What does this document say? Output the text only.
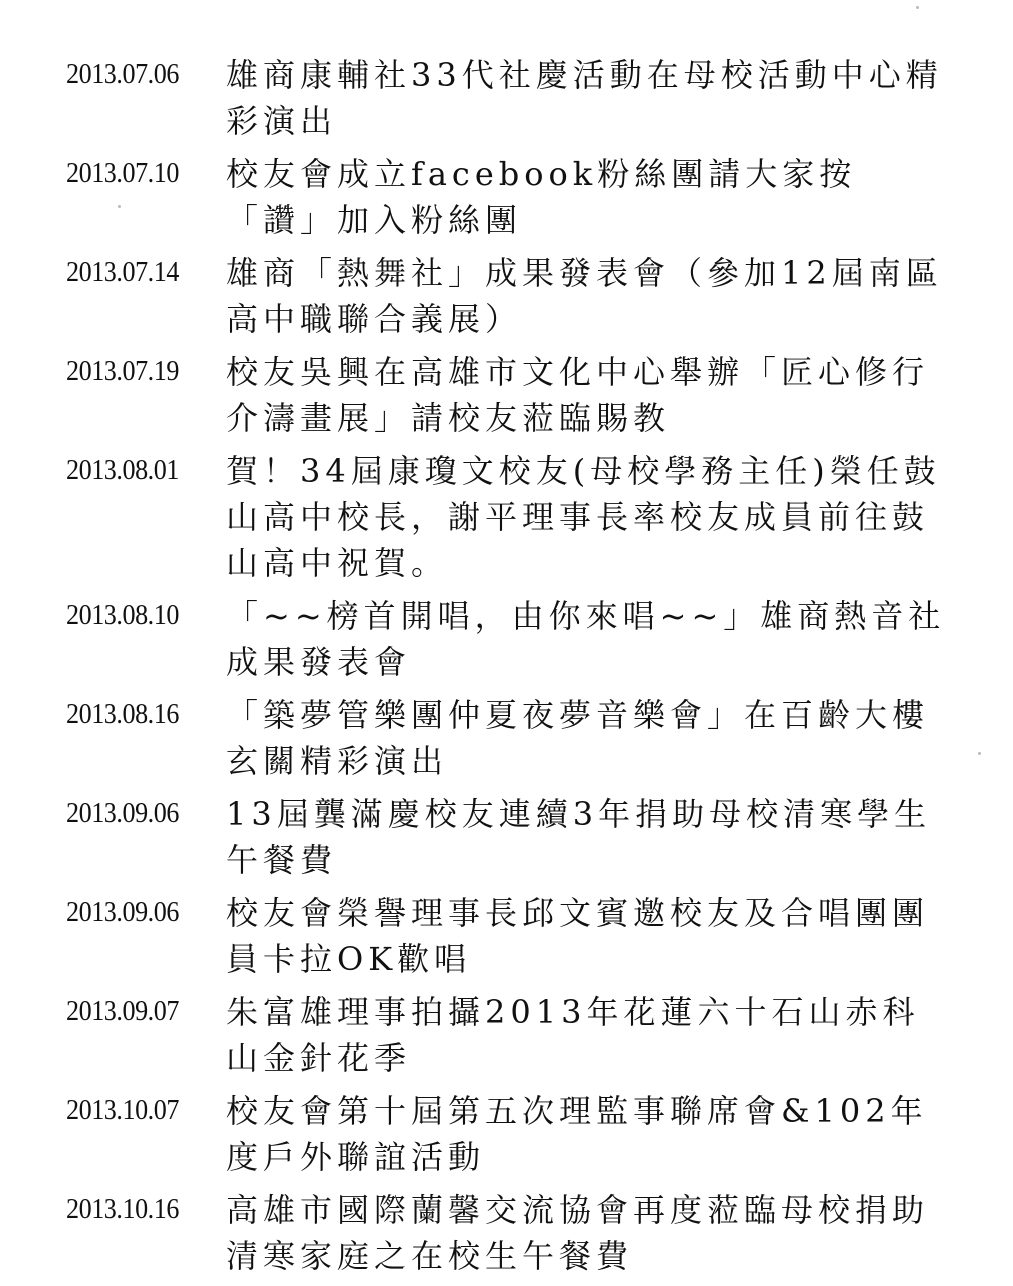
2013.07.06	雄商康輔社33代社慶活動在母校活動中心精彩演出
2013.07.10	校友會成立facebook粉絲團請大家按「讚」加入粉絲團
2013.07.14	雄商「熱舞社」成果發表會（參加12屆南區高中職聯合義展）
2013.07.19	校友吳興在高雄市文化中心舉辦「匠心修行介濤畫展」請校友蒞臨賜教
2013.08.01	賀！34屆康瓊文校友(母校學務主任)榮任鼓山高中校長，謝平理事長率校友成員前往鼓山高中祝賀。
2013.08.10	「~~榜首開唱，由你來唱~~」雄商熱音社成果發表會
2013.08.16	「築夢管樂團仲夏夜夢音樂會」在百齡大樓玄關精彩演出
2013.09.06	13屆龔滿慶校友連續3年捐助母校清寒學生午餐費
2013.09.06	校友會榮譽理事長邱文賓邀校友及合唱團團員卡拉OK歡唱
2013.09.07	朱富雄理事拍攝2013年花蓮六十石山赤科山金針花季
2013.10.07	校友會第十屆第五次理監事聯席會&102年度戶外聯誼活動
2013.10.16	高雄市國際蘭馨交流協會再度蒞臨母校捐助清寒家庭之在校生午餐費
